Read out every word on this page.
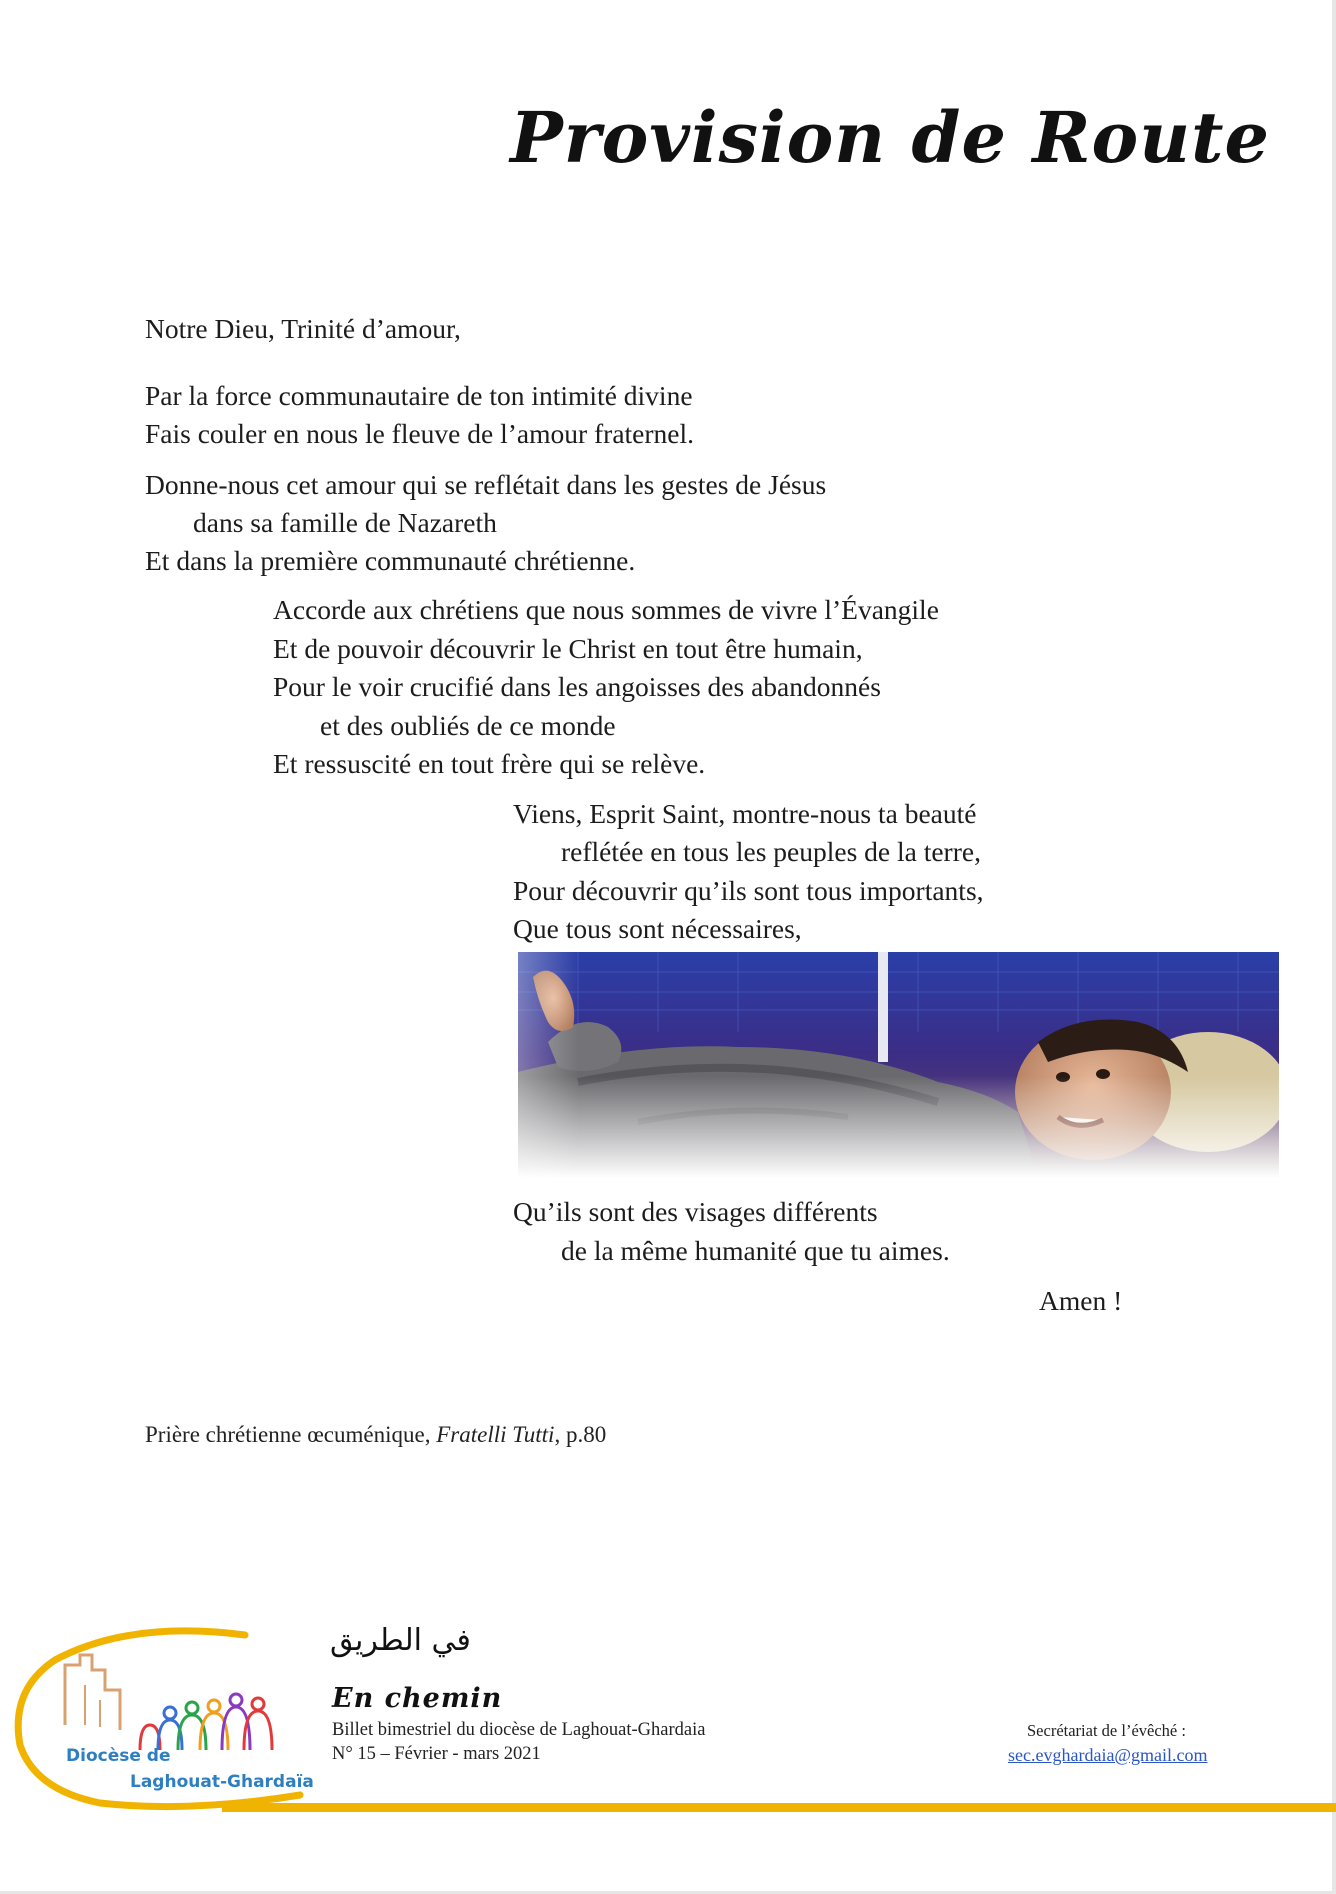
Provision de Route
Notre Dieu, Trinité d’amour,
Par la force communautaire de ton intimité divine
Fais couler en nous le fleuve de l’amour fraternel.
Donne-nous cet amour qui se reflétait dans les gestes de Jésus
dans sa famille de Nazareth
Et dans la première communauté chrétienne.
Accorde aux chrétiens que nous sommes de vivre l’Évangile
Et de pouvoir découvrir le Christ en tout être humain,
Pour le voir crucifié dans les angoisses des abandonnés
et des oubliés de ce monde
Et ressuscité en tout frère qui se relève.
Viens, Esprit Saint, montre-nous ta beauté
reflétée en tous les peuples de la terre,
Pour découvrir qu’ils sont tous importants,
Que tous sont nécessaires,
Qu’ils sont des visages différents
de la même humanité que tu aimes.
Amen !
Prière chrétienne œcuménique, Fratelli Tutti, p.80
Diocèse de
Laghouat-Ghardaïa
في الطريق
En chemin
Billet bimestriel du diocèse de Laghouat-Ghardaia
N° 15 – Février - mars 2021
Secrétariat de l’évêché :
sec.evghardaia@gmail.com
